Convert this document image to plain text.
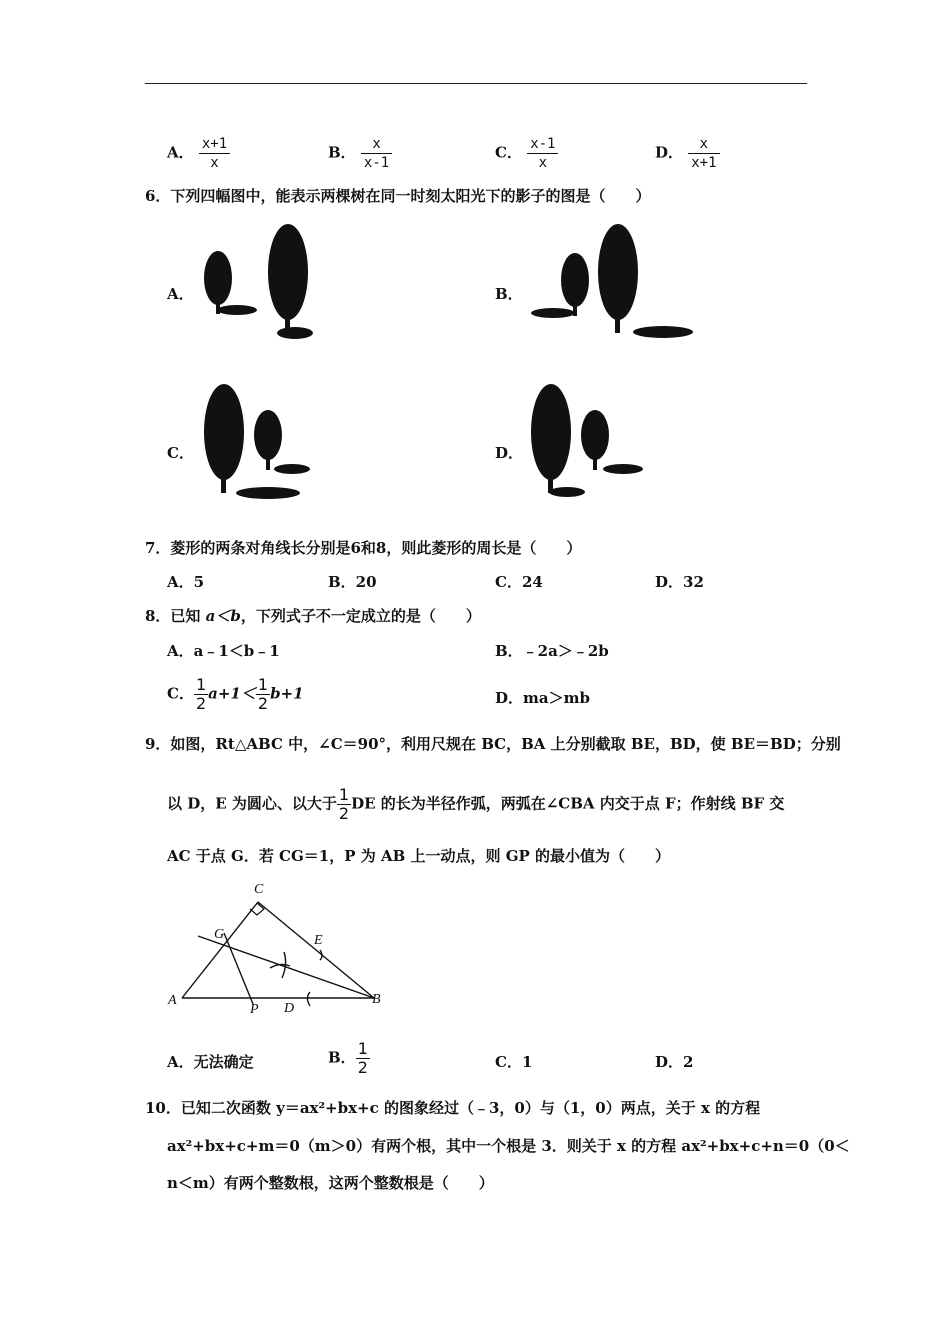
A． $\frac{x+1}{x}$	B． $\frac{x}{x-1}$	C． $\frac{x-1}{x}$	D． $\frac{x}{x+1}$
6．下列四幅图中，能表示两棵树在同一时刻太阳光下的影子的图是（　　）
A．	B．
C．	D．
7．菱形的两条对角线长分别是6和8，则此菱形的周长是（　　）
A．5	B．20	C．24	D．32
8．已知 a＜b，下列式子不一定成立的是（　　）
A．a﹣1＜b﹣1	B．﹣2a＞﹣2b
C． $\frac{1}{2} a+1< \frac{1}{2} b+1$	D．ma＞mb
9．如图，Rt△ABC 中，∠C＝90°，利用尺规在 BC，BA 上分别截取 BE，BD，使 BE＝BD；分别
以 D，E 为圆心、以大于 $\frac{1}{2}$ DE 的长为半径作弧，两弧在∠CBA 内交于点 F；作射线 BF 交
AC 于点 G．若 CG＝1，P 为 AB 上一动点，则 GP 的最小值为（　　）
C
G	E
A
P D
B
A．无法确定	B． $\frac{1}{2}$	C．1	D．2
10．已知二次函数 y＝ax²+bx+c 的图象经过（﹣3，0）与（1，0）两点，关于 x 的方程
ax²+bx+c+m＝0（m＞0）有两个根，其中一个根是 3．则关于 x 的方程 ax²+bx+c+n＝0（0＜
n＜m）有两个整数根，这两个整数根是（　　）
